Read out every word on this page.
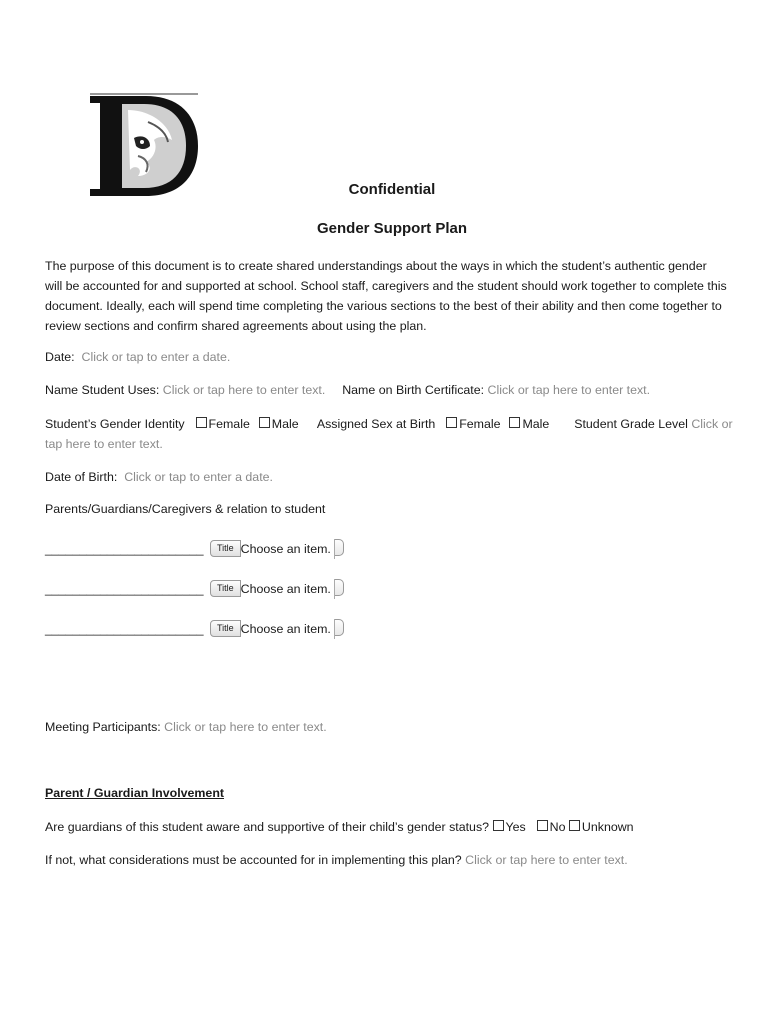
Confidential
Gender Support Plan
The purpose of this document is to create shared understandings about the ways in which the student’s authentic gender will be accounted for and supported at school. School staff, caregivers and the student should work together to complete this document. Ideally, each will spend time completing the various sections to the best of their ability and then come together to review sections and confirm shared agreements about using the plan.
Date: Click or tap to enter a date.
Name Student Uses: Click or tap here to enter text. Name on Birth Certificate: Click or tap here to enter text.
Student’s Gender Identity Female Male Assigned Sex at Birth Female Male Student Grade Level Click or
tap here to enter text.
Date of Birth: Click or tap to enter a date.
Parents/Guardians/Caregivers & relation to student
_______________________ Title Choose an item.
_______________________ Title Choose an item.
_______________________ Title Choose an item.
Meeting Participants: Click or tap here to enter text.
Parent / Guardian Involvement
Are guardians of this student aware and supportive of their child’s gender status? Yes No Unknown
If not, what considerations must be accounted for in implementing this plan? Click or tap here to enter text.
